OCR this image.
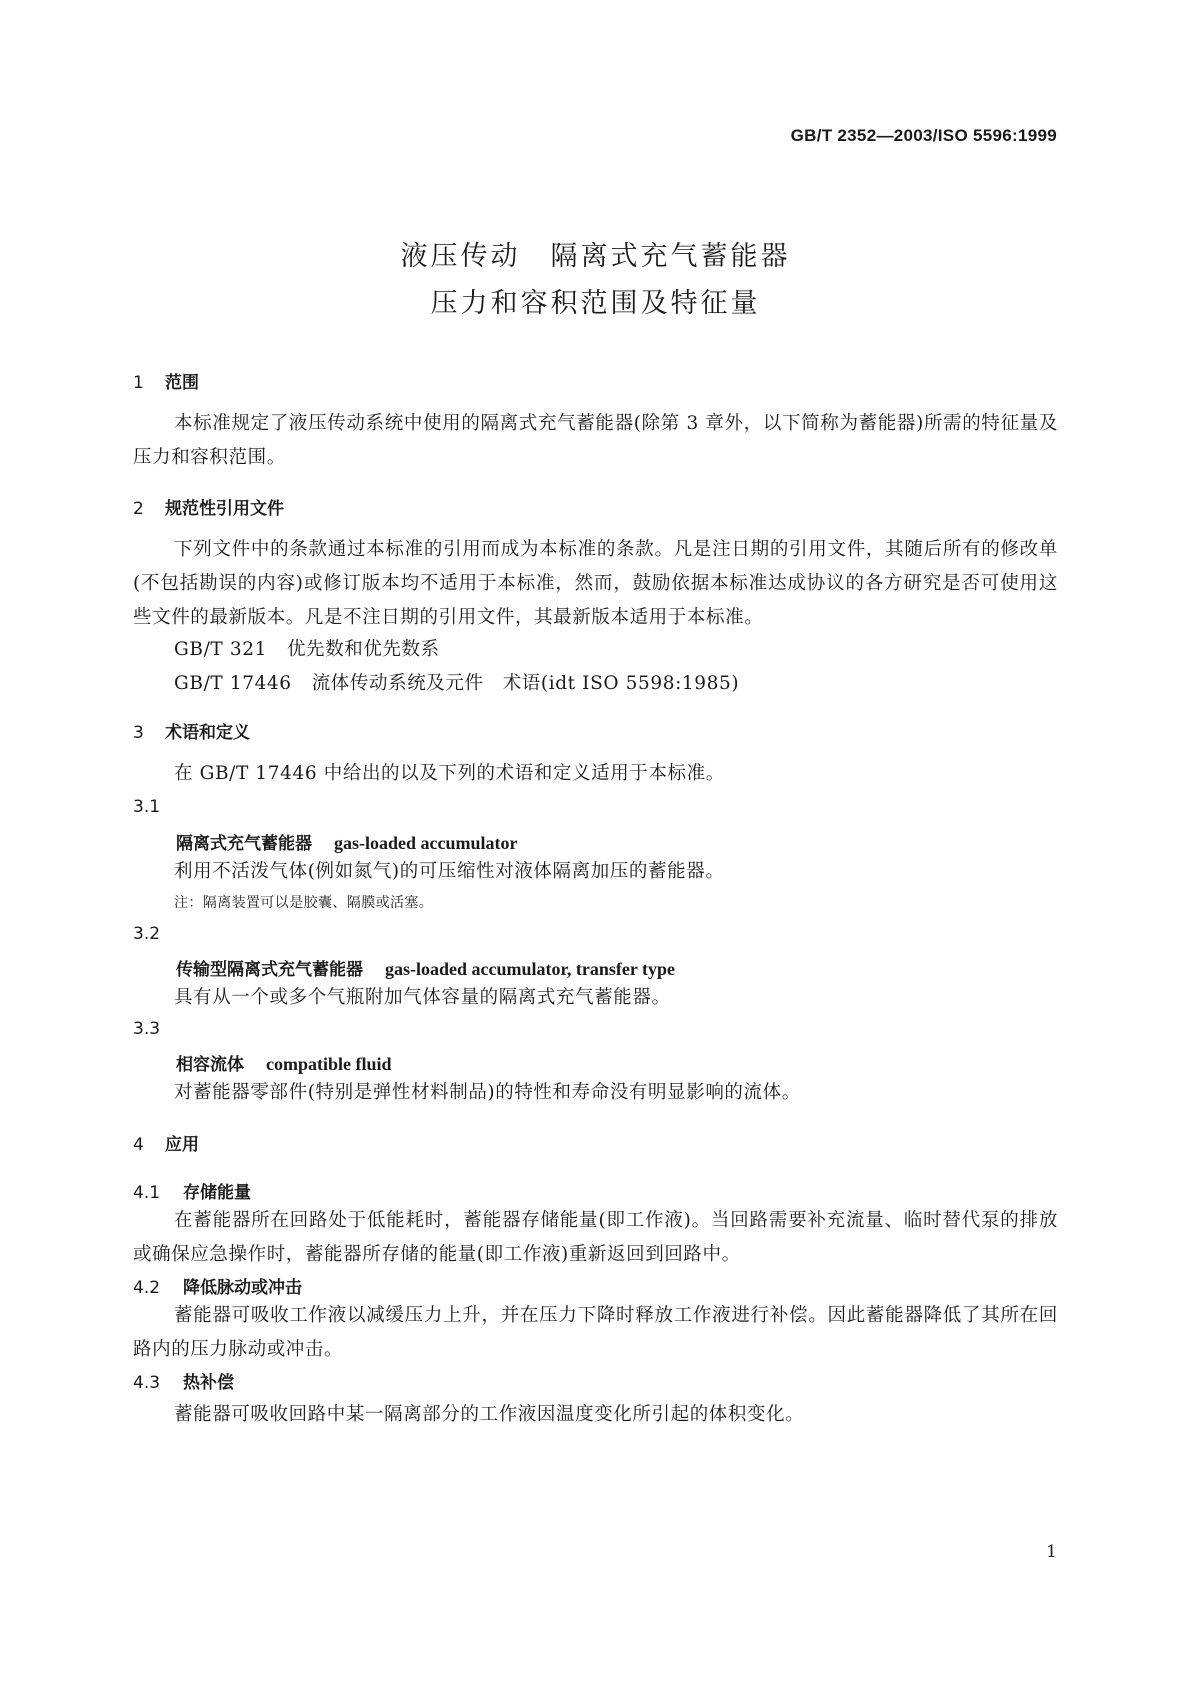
GB/T 2352—2003/ISO 5596:1999
液压传动　隔离式充气蓄能器
压力和容积范围及特征量
1 范围
本标准规定了液压传动系统中使用的隔离式充气蓄能器(除第 3 章外，以下简称为蓄能器)所需的特征量及压力和容积范围。
2 规范性引用文件
下列文件中的条款通过本标准的引用而成为本标准的条款。凡是注日期的引用文件，其随后所有的修改单(不包括勘误的内容)或修订版本均不适用于本标准，然而，鼓励依据本标准达成协议的各方研究是否可使用这些文件的最新版本。凡是不注日期的引用文件，其最新版本适用于本标准。
GB/T 321 优先数和优先数系
GB/T 17446 流体传动系统及元件　术语(idt ISO 5598:1985)
3 术语和定义
在 GB/T 17446 中给出的以及下列的术语和定义适用于本标准。
3.1
隔离式充气蓄能器 gas-loaded accumulator
利用不活泼气体(例如氮气)的可压缩性对液体隔离加压的蓄能器。
注：隔离装置可以是胶囊、隔膜或活塞。
3.2
传输型隔离式充气蓄能器 gas-loaded accumulator, transfer type
具有从一个或多个气瓶附加气体容量的隔离式充气蓄能器。
3.3
相容流体 compatible fluid
对蓄能器零部件(特别是弹性材料制品)的特性和寿命没有明显影响的流体。
4 应用
4.1 存储能量
在蓄能器所在回路处于低能耗时，蓄能器存储能量(即工作液)。当回路需要补充流量、临时替代泵的排放或确保应急操作时，蓄能器所存储的能量(即工作液)重新返回到回路中。
4.2 降低脉动或冲击
蓄能器可吸收工作液以减缓压力上升，并在压力下降时释放工作液进行补偿。因此蓄能器降低了其所在回路内的压力脉动或冲击。
4.3 热补偿
蓄能器可吸收回路中某一隔离部分的工作液因温度变化所引起的体积变化。
1
